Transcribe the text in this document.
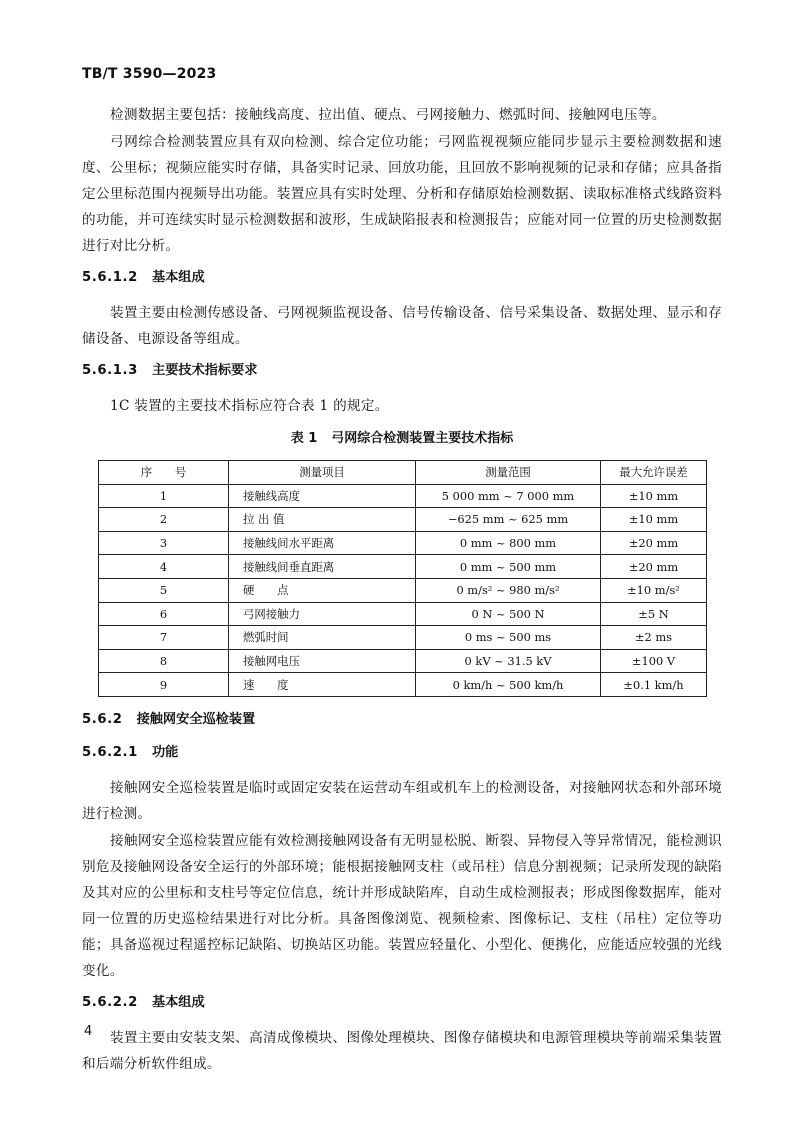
TB/T 3590—2023

检测数据主要包括：接触线高度、拉出值、硬点、弓网接触力、燃弧时间、接触网电压等。

弓网综合检测装置应具有双向检测、综合定位功能；弓网监视视频应能同步显示主要检测数据和速度、公里标；视频应能实时存储，具备实时记录、回放功能，且回放不影响视频的记录和存储；应具备指定公里标范围内视频导出功能。装置应具有实时处理、分析和存储原始检测数据、读取标准格式线路资料的功能，并可连续实时显示检测数据和波形，生成缺陷报表和检测报告；应能对同一位置的历史检测数据进行对比分析。

5.6.1.2 基本组成

装置主要由检测传感设备、弓网视频监视设备、信号传输设备、信号采集设备、数据处理、显示和存储设备、电源设备等组成。

5.6.1.3 主要技术指标要求

1C 装置的主要技术指标应符合表 1 的规定。

表 1 弓网综合检测装置主要技术指标
序　　号	测量项目	测量范围	最大允许误差
1	接触线高度	5 000 mm ~ 7 000 mm	±10 mm
2	拉 出 值	−625 mm ~ 625 mm	±10 mm
3	接触线间水平距离	0 mm ~ 800 mm	±20 mm
4	接触线间垂直距离	0 mm ~ 500 mm	±20 mm
5	硬　　点	0 m/s² ~ 980 m/s²	±10 m/s²
6	弓网接触力	0 N ~ 500 N	±5 N
7	燃弧时间	0 ms ~ 500 ms	±2 ms
8	接触网电压	0 kV ~ 31.5 kV	±100 V
9	速　　度	0 km/h ~ 500 km/h	±0.1 km/h
5.6.2 接触网安全巡检装置
5.6.2.1 功能

接触网安全巡检装置是临时或固定安装在运营动车组或机车上的检测设备，对接触网状态和外部环境进行检测。

接触网安全巡检装置应能有效检测接触网设备有无明显松脱、断裂、异物侵入等异常情况，能检测识别危及接触网设备安全运行的外部环境；能根据接触网支柱（或吊柱）信息分割视频；记录所发现的缺陷及其对应的公里标和支柱号等定位信息，统计并形成缺陷库，自动生成检测报表；形成图像数据库，能对同一位置的历史巡检结果进行对比分析。具备图像浏览、视频检索、图像标记、支柱（吊柱）定位等功能；具备巡视过程遥控标记缺陷、切换站区功能。装置应轻量化、小型化、便携化，应能适应较强的光线变化。

5.6.2.2 基本组成

装置主要由安装支架、高清成像模块、图像处理模块、图像存储模块和电源管理模块等前端采集装置和后端分析软件组成。

4
